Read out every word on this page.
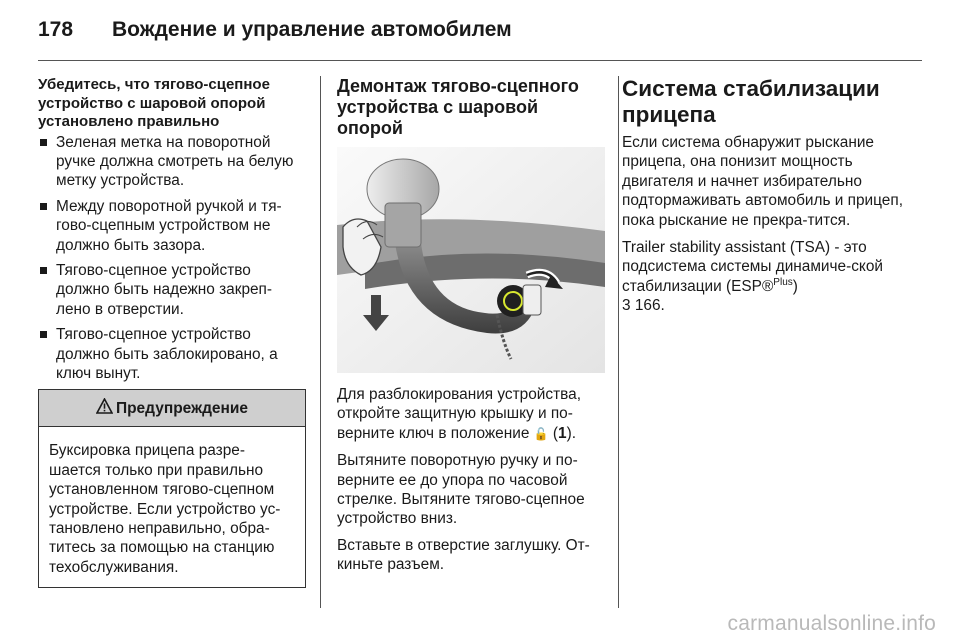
178	Вождение и управление автомобилем
Убедитесь, что тягово-сцепное устройство с шаровой опорой установлено правильно
Зеленая метка на поворотной ручке должна смотреть на белую метку устройства.
Между поворотной ручкой и тя-гово-сцепным устройством не должно быть зазора.
Тягово-сцепное устройство должно быть надежно закреп-лено в отверстии.
Тягово-сцепное устройство должно быть заблокировано, а ключ вынут.
Предупреждение
Буксировка прицепа разре-шается только при правильно установленном тягово-сцепном устройстве. Если устройство ус-тановлено неправильно, обра-титесь за помощью на станцию техобслуживания.
Демонтаж тягово-сцепного устройства с шаровой опорой
Для разблокирования устройства, откройте защитную крышку и по-верните ключ в положение 🔓 (1).
Вытяните поворотную ручку и по-верните ее до упора по часовой стрелке. Вытяните тягово-сцепное устройство вниз.
Вставьте в отверстие заглушку. От-киньте разъем.
Система стабилизации прицепа
Если система обнаружит рыскание прицепа, она понизит мощность двигателя и начнет избирательно подтормаживать автомобиль и прицеп, пока рыскание не прекра-тится.
Trailer stability assistant (TSA) - это подсистема системы динамиче-ской стабилизации (ESP®$^{Plus}$)
3 166.
carmanualsonline.info
